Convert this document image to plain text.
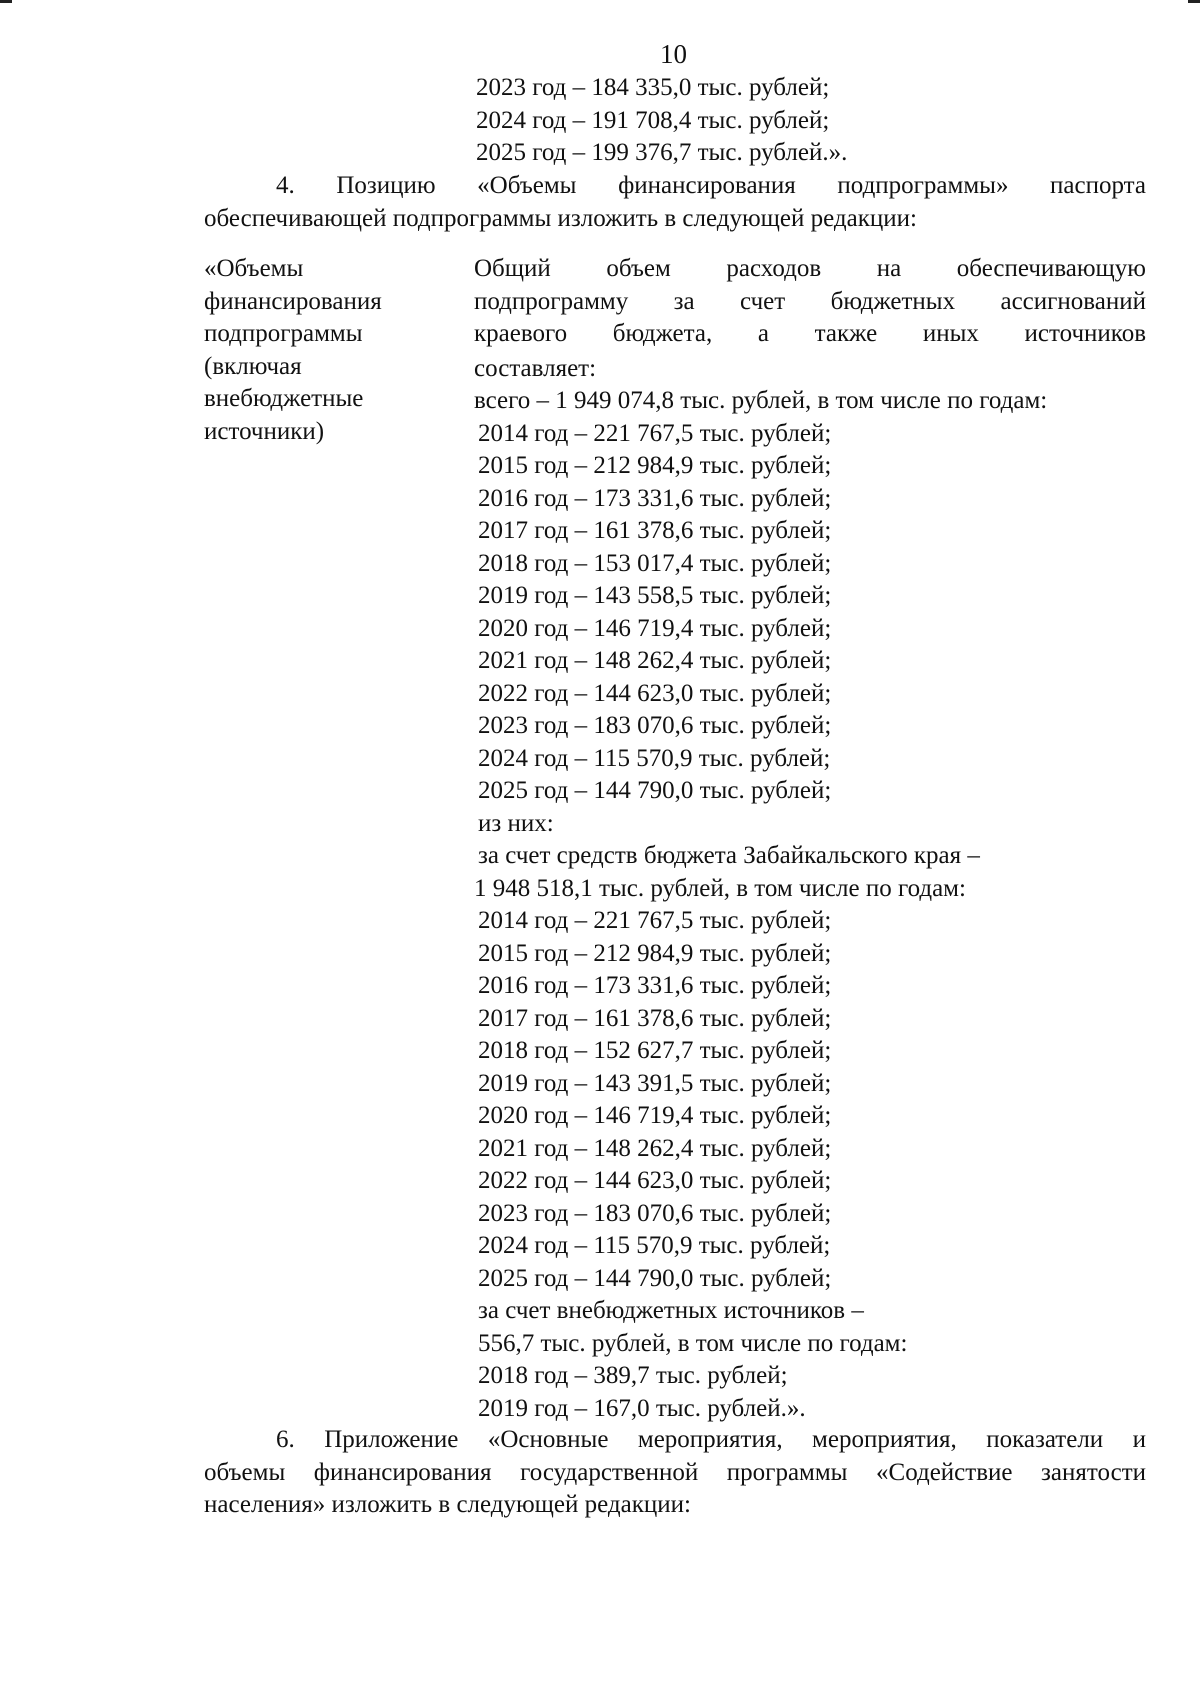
10
2023 год – 184 335,0 тыс. рублей;
2024 год – 191 708,4 тыс. рублей;
2025 год – 199 376,7 тыс. рублей.».
4. Позицию «Объемы финансирования подпрограммы» паспорта
обеспечивающей подпрограммы изложить в следующей редакции:
«Объемы
финансирования
подпрограммы
(включая
внебюджетные
источники)
Общий объем расходов на обеспечивающую
подпрограмму за счет бюджетных ассигнований
краевого бюджета, а также иных источников
составляет:
всего – 1 949 074,8 тыс. рублей, в том числе по годам:
2014 год – 221 767,5 тыс. рублей;
2015 год – 212 984,9 тыс. рублей;
2016 год – 173 331,6 тыс. рублей;
2017 год – 161 378,6 тыс. рублей;
2018 год – 153 017,4 тыс. рублей;
2019 год – 143 558,5 тыс. рублей;
2020 год – 146 719,4 тыс. рублей;
2021 год – 148 262,4 тыс. рублей;
2022 год – 144 623,0 тыс. рублей;
2023 год – 183 070,6 тыс. рублей;
2024 год – 115 570,9 тыс. рублей;
2025 год – 144 790,0 тыс. рублей;
из них:
за счет средств бюджета Забайкальского края –
1 948 518,1 тыс. рублей, в том числе по годам:
2014 год – 221 767,5 тыс. рублей;
2015 год – 212 984,9 тыс. рублей;
2016 год – 173 331,6 тыс. рублей;
2017 год – 161 378,6 тыс. рублей;
2018 год – 152 627,7 тыс. рублей;
2019 год – 143 391,5 тыс. рублей;
2020 год – 146 719,4 тыс. рублей;
2021 год – 148 262,4 тыс. рублей;
2022 год – 144 623,0 тыс. рублей;
2023 год – 183 070,6 тыс. рублей;
2024 год – 115 570,9 тыс. рублей;
2025 год – 144 790,0 тыс. рублей;
за счет внебюджетных источников –
556,7 тыс. рублей, в том числе по годам:
2018 год – 389,7 тыс. рублей;
2019 год – 167,0 тыс. рублей.».
6. Приложение «Основные мероприятия, мероприятия, показатели и
объемы финансирования государственной программы «Содействие занятости
населения» изложить в следующей редакции:
